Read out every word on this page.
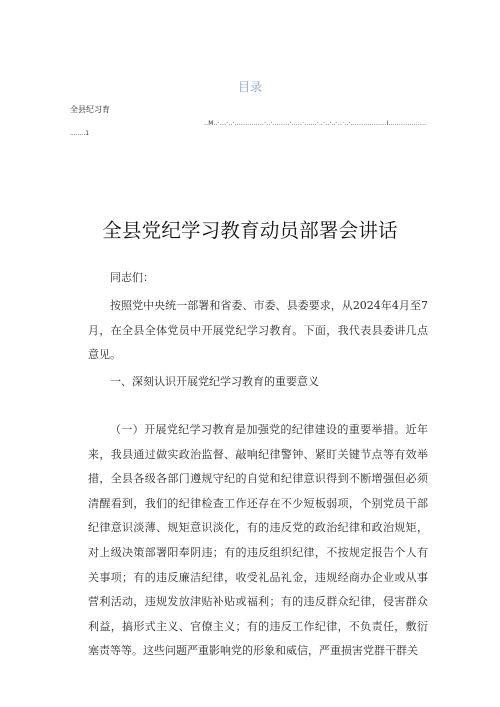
目录
全县纪习育
..M..·...·..·..............·..·........·.....·......·..·..·..·..·..·.................I..................
........1
全县党纪学习教育动员部署会讲话
同志们：
按照党中央统一部署和省委、市委、县委要求，从2024年4月至7月，在全县全体党员中开展党纪学习教育。下面，我代表县委讲几点意见。
一、深刻认识开展党纪学习教育的重要意义
（一）开展党纪学习教育是加强党的纪律建设的重要举措。近年来，我县通过做实政治监督、敲响纪律警钟、紧盯关键节点等有效举措，全县各级各部门遵规守纪的自觉和纪律意识得到不断增强但必须清醒看到，我们的纪律检查工作还存在不少短板弱项，个别党员干部纪律意识淡薄、规矩意识淡化，有的违反党的政治纪律和政治规矩，对上级决策部署阳奉阴违；有的违反组织纪律，不按规定报告个人有关事项；有的违反廉洁纪律，收受礼品礼金，违规经商办企业或从事营利活动，违规发放津贴补贴或福利；有的违反群众纪律，侵害群众利益，搞形式主义、官僚主义；有的违反工作纪律，不负责任，敷衍塞责等等。这些问题严重影响党的形象和威信，严重损害党群干群关
